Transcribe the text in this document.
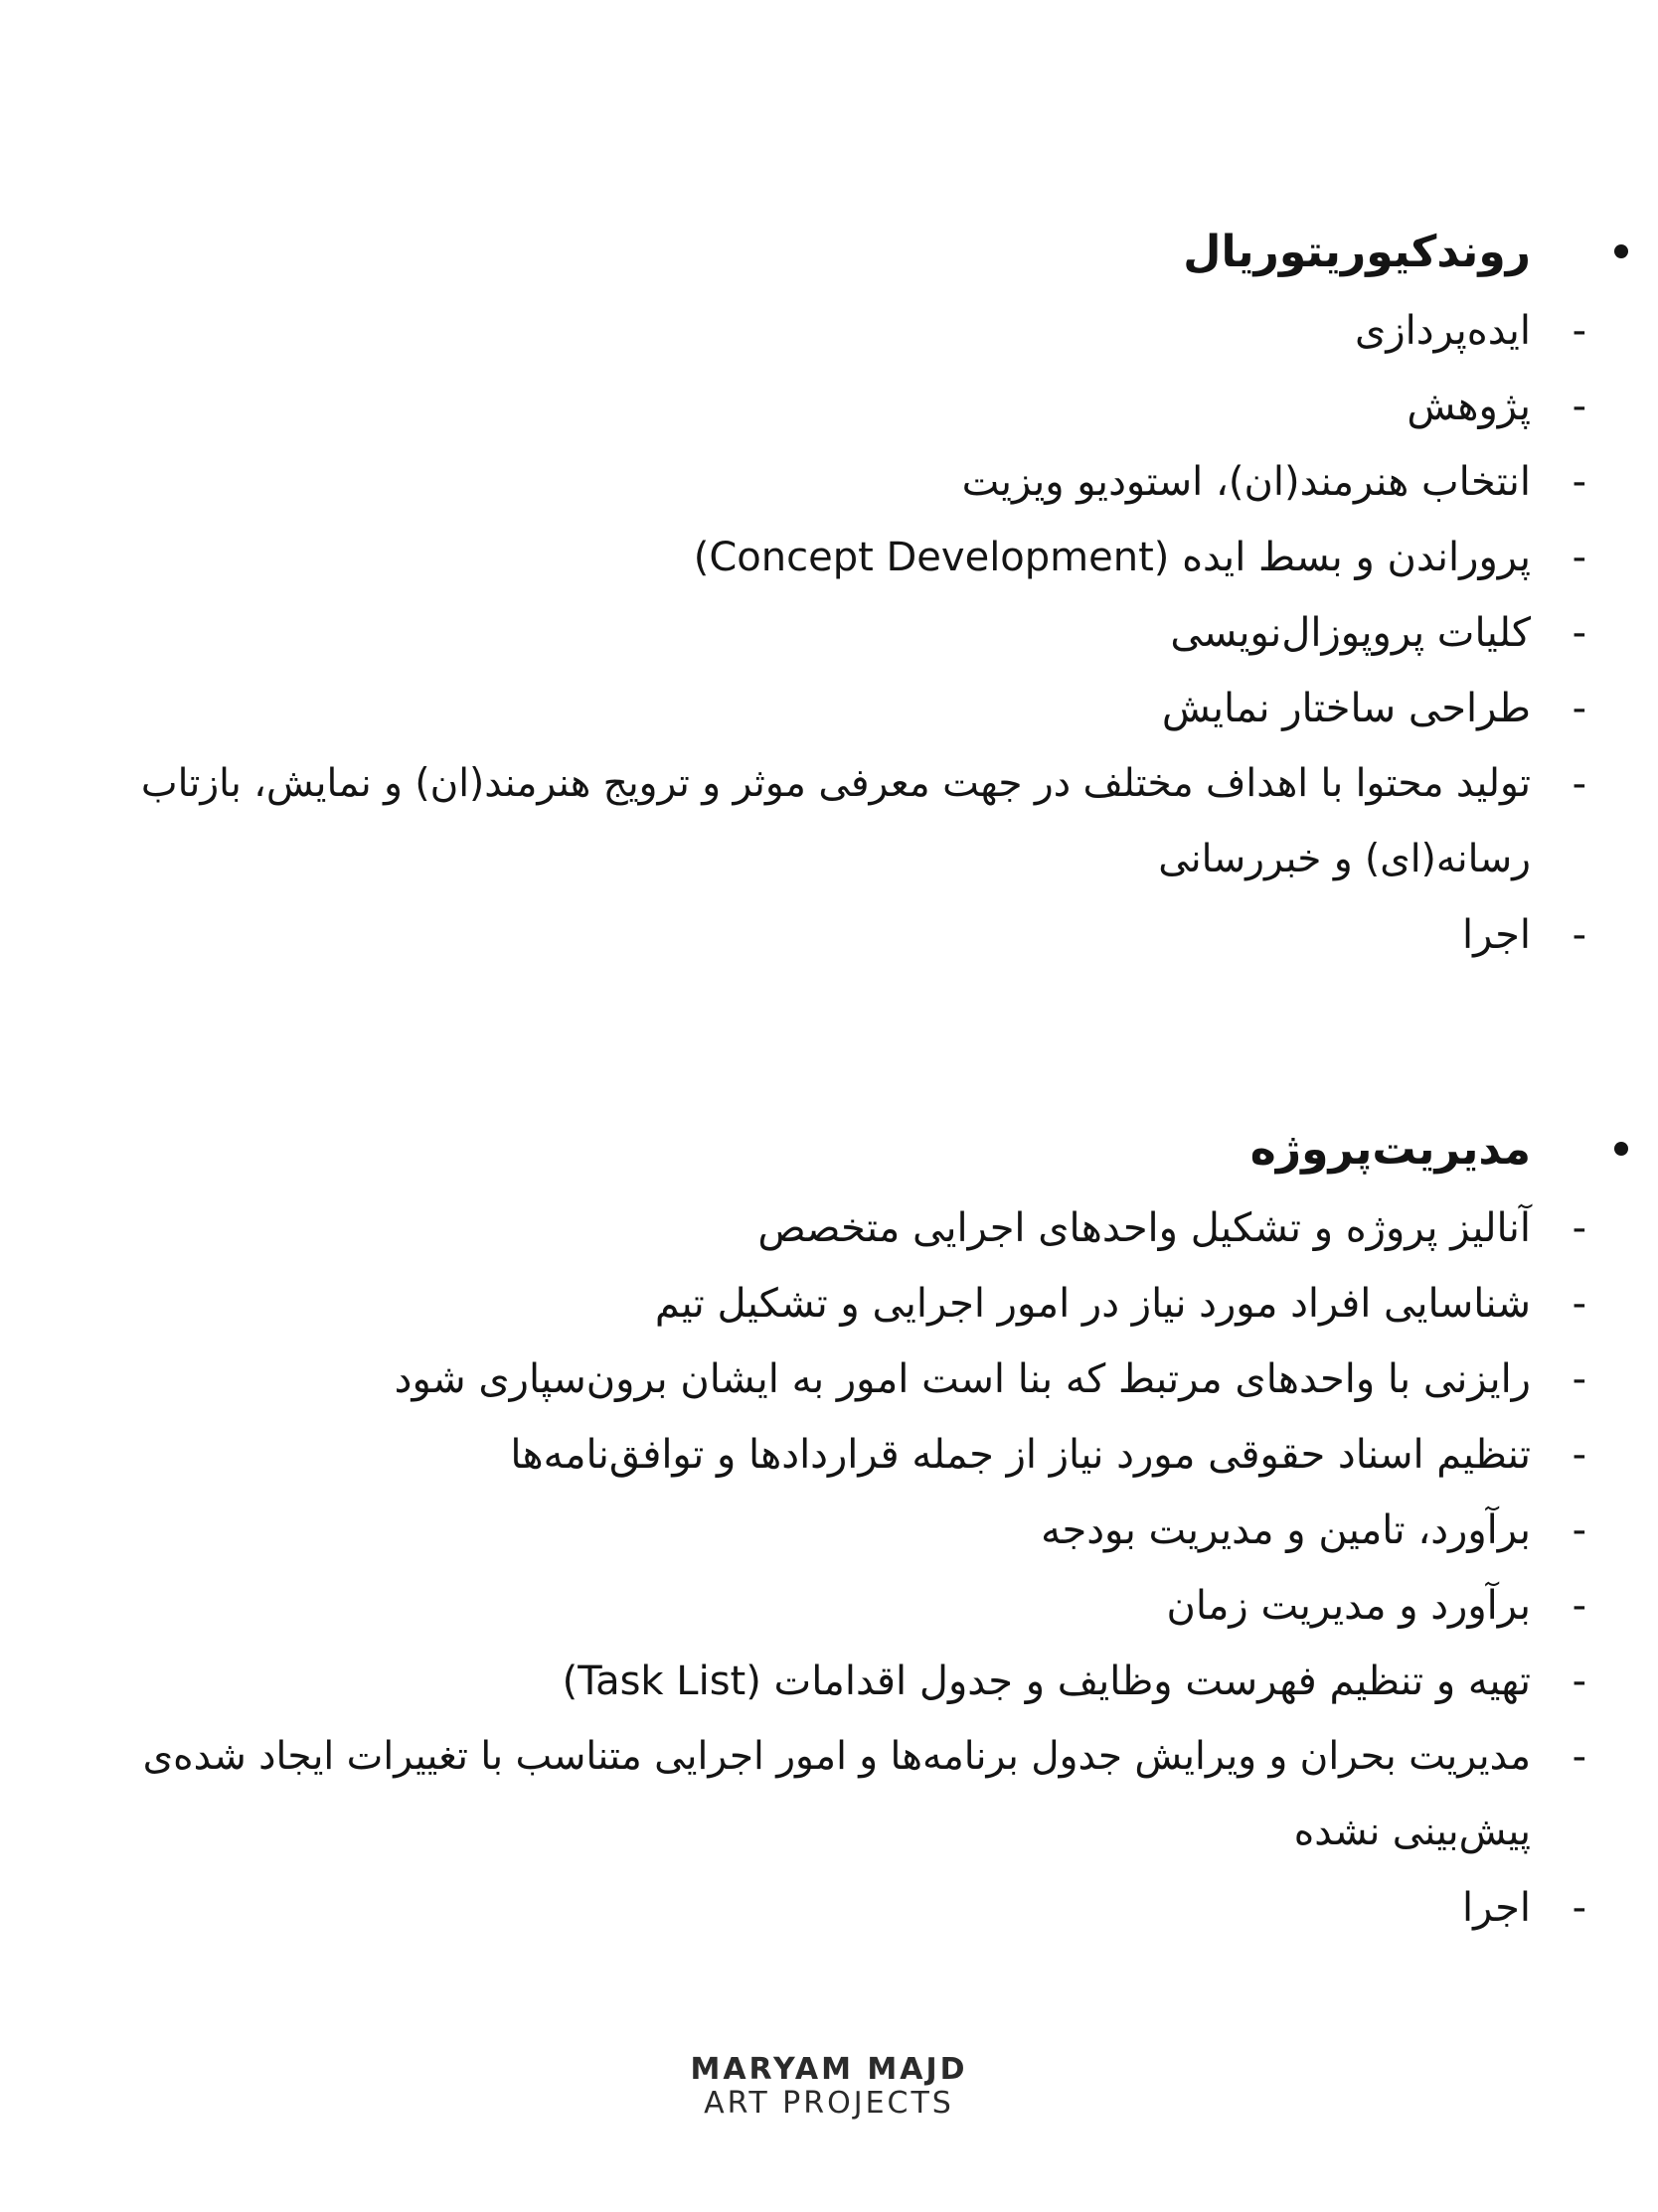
روندکیوریتوریال
-
ایده‌پردازی
-
پژوهش
-
انتخاب هنرمند(ان)، استودیو ویزیت
-
پروراندن و بسط ایده (Concept Development)
-
کلیات پروپوزال‌نویسی
-
طراحی ساختار نمایش
-
تولید محتوا با اهداف مختلف در جهت معرفی موثر و ترویج هنرمند(ان) و نمایش، بازتاب رسانه(ای) و خبررسانی
-
اجرا
مدیریت‌پروژه
-
آنالیز پروژه و تشکیل واحدهای اجرایی متخصص
-
شناسایی افراد مورد نیاز در امور اجرایی و تشکیل تیم
-
رایزنی با واحدهای مرتبط که بنا است امور به ایشان برون‌سپاری شود
-
تنظیم اسناد حقوقی مورد نیاز از جمله قراردادها و توافق‌نامه‌ها
-
برآورد، تامین و مدیریت بودجه
-
برآورد و مدیریت زمان
-
تهیه و تنظیم فهرست وظایف و جدول اقدامات (Task List)
-
مدیریت بحران و ویرایش جدول برنامه‌ها و امور اجرایی متناسب با تغییرات ایجاد شده‌ی پیش‌بینی نشده
-
اجرا
MARYAM MAJD
ART PROJECTS
